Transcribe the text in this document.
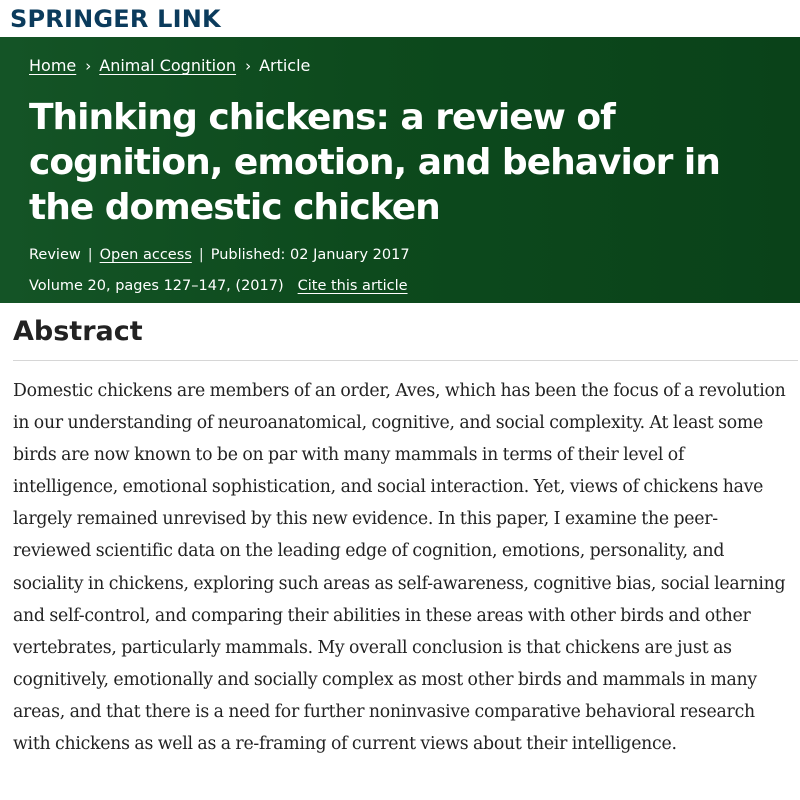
SPRINGER LINK
Home › Animal Cognition › Article
Thinking chickens: a review of cognition, emotion, and behavior in the domestic chicken
Review | Open access | Published: 02 January 2017
Volume 20, pages 127–147, (2017) Cite this article
Abstract

Domestic chickens are members of an order, Aves, which has been the focus of a revolution in our understanding of neuroanatomical, cognitive, and social complexity. At least some birds are now known to be on par with many mammals in terms of their level of intelligence, emotional sophistication, and social interaction. Yet, views of chickens have largely remained unrevised by this new evidence. In this paper, I examine the peer-reviewed scientific data on the leading edge of cognition, emotions, personality, and sociality in chickens, exploring such areas as self-awareness, cognitive bias, social learning and self-control, and comparing their abilities in these areas with other birds and other vertebrates, particularly mammals. My overall conclusion is that chickens are just as cognitively, emotionally and socially complex as most other birds and mammals in many areas, and that there is a need for further noninvasive comparative behavioral research with chickens as well as a re-framing of current views about their intelligence.
